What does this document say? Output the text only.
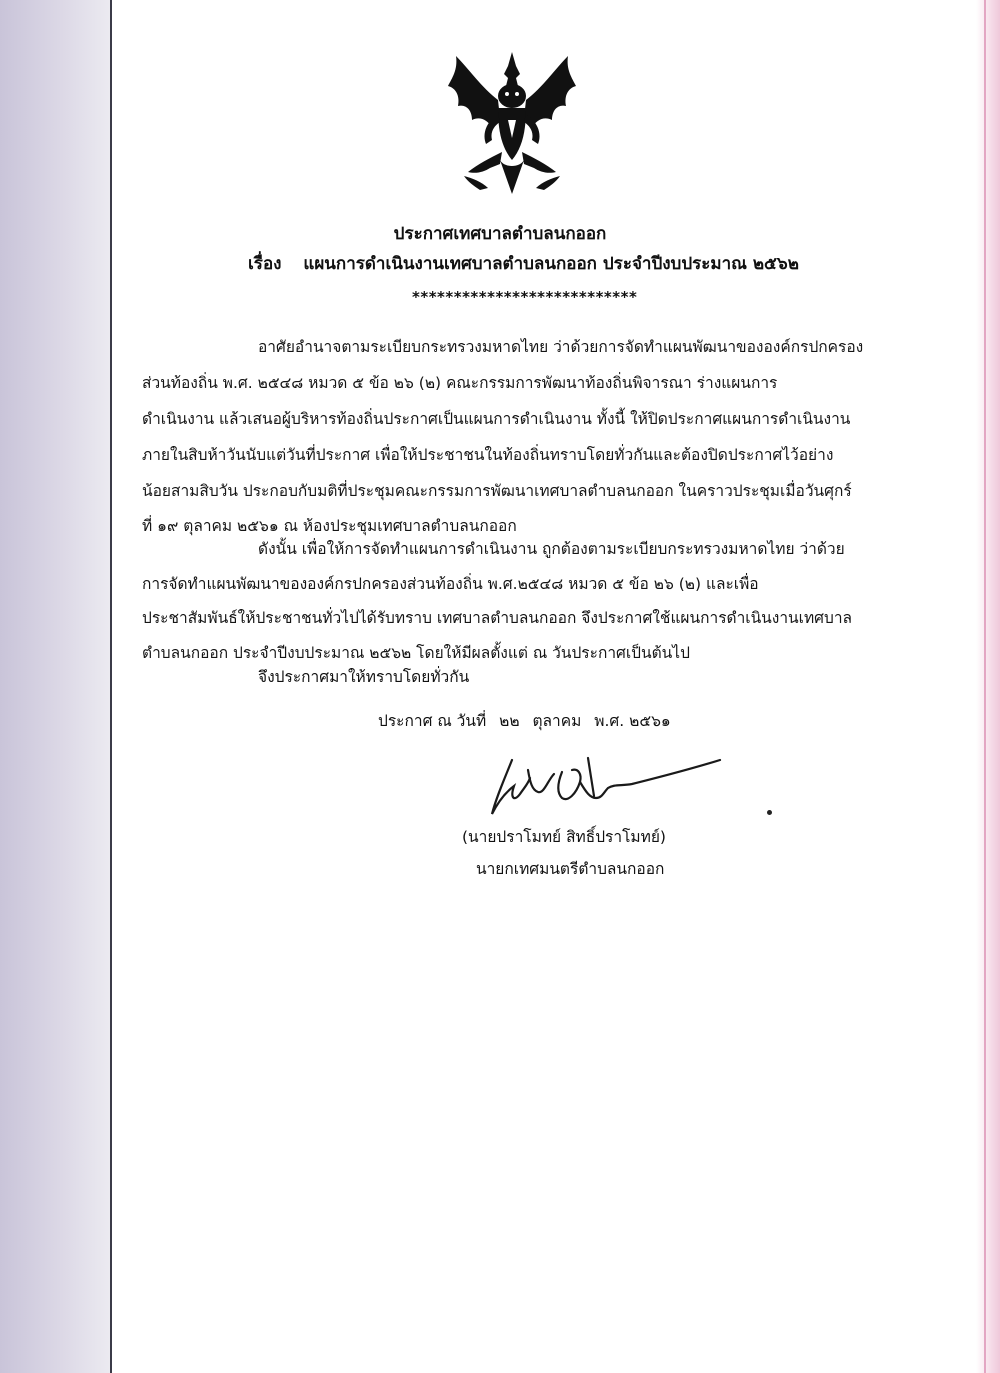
ประกาศเทศบาลตำบลนกออก
เรื่อง แผนการดำเนินงานเทศบาลตำบลนกออก ประจำปีงบประมาณ ๒๕๖๒
***************************
อาศัยอำนาจตามระเบียบกระทรวงมหาดไทย ว่าด้วยการจัดทำแผนพัฒนาขององค์กรปกครอง
ส่วนท้องถิ่น พ.ศ. ๒๕๔๘ หมวด ๕ ข้อ ๒๖ (๒) คณะกรรมการพัฒนาท้องถิ่นพิจารณา ร่างแผนการ
ดำเนินงาน แล้วเสนอผู้บริหารท้องถิ่นประกาศเป็นแผนการดำเนินงาน ทั้งนี้ ให้ปิดประกาศแผนการดำเนินงาน
ภายในสิบห้าวันนับแต่วันที่ประกาศ เพื่อให้ประชาชนในท้องถิ่นทราบโดยทั่วกันและต้องปิดประกาศไว้อย่าง
น้อยสามสิบวัน ประกอบกับมติที่ประชุมคณะกรรมการพัฒนาเทศบาลตำบลนกออก ในคราวประชุมเมื่อวันศุกร์
ที่ ๑๙ ตุลาคม ๒๕๖๑ ณ ห้องประชุมเทศบาลตำบลนกออก
ดังนั้น เพื่อให้การจัดทำแผนการดำเนินงาน ถูกต้องตามระเบียบกระทรวงมหาดไทย ว่าด้วย
การจัดทำแผนพัฒนาขององค์กรปกครองส่วนท้องถิ่น พ.ศ.๒๕๔๘ หมวด ๕ ข้อ ๒๖ (๒) และเพื่อ
ประชาสัมพันธ์ให้ประชาชนทั่วไปได้รับทราบ เทศบาลตำบลนกออก จึงประกาศใช้แผนการดำเนินงานเทศบาล
ตำบลนกออก ประจำปีงบประมาณ ๒๕๖๒ โดยให้มีผลตั้งแต่ ณ วันประกาศเป็นต้นไป
จึงประกาศมาให้ทราบโดยทั่วกัน
ประกาศ ณ วันที่ ๒๒ ตุลาคม พ.ศ. ๒๕๖๑
(นายปราโมทย์ สิทธิ์ปราโมทย์)
นายกเทศมนตรีตำบลนกออก
